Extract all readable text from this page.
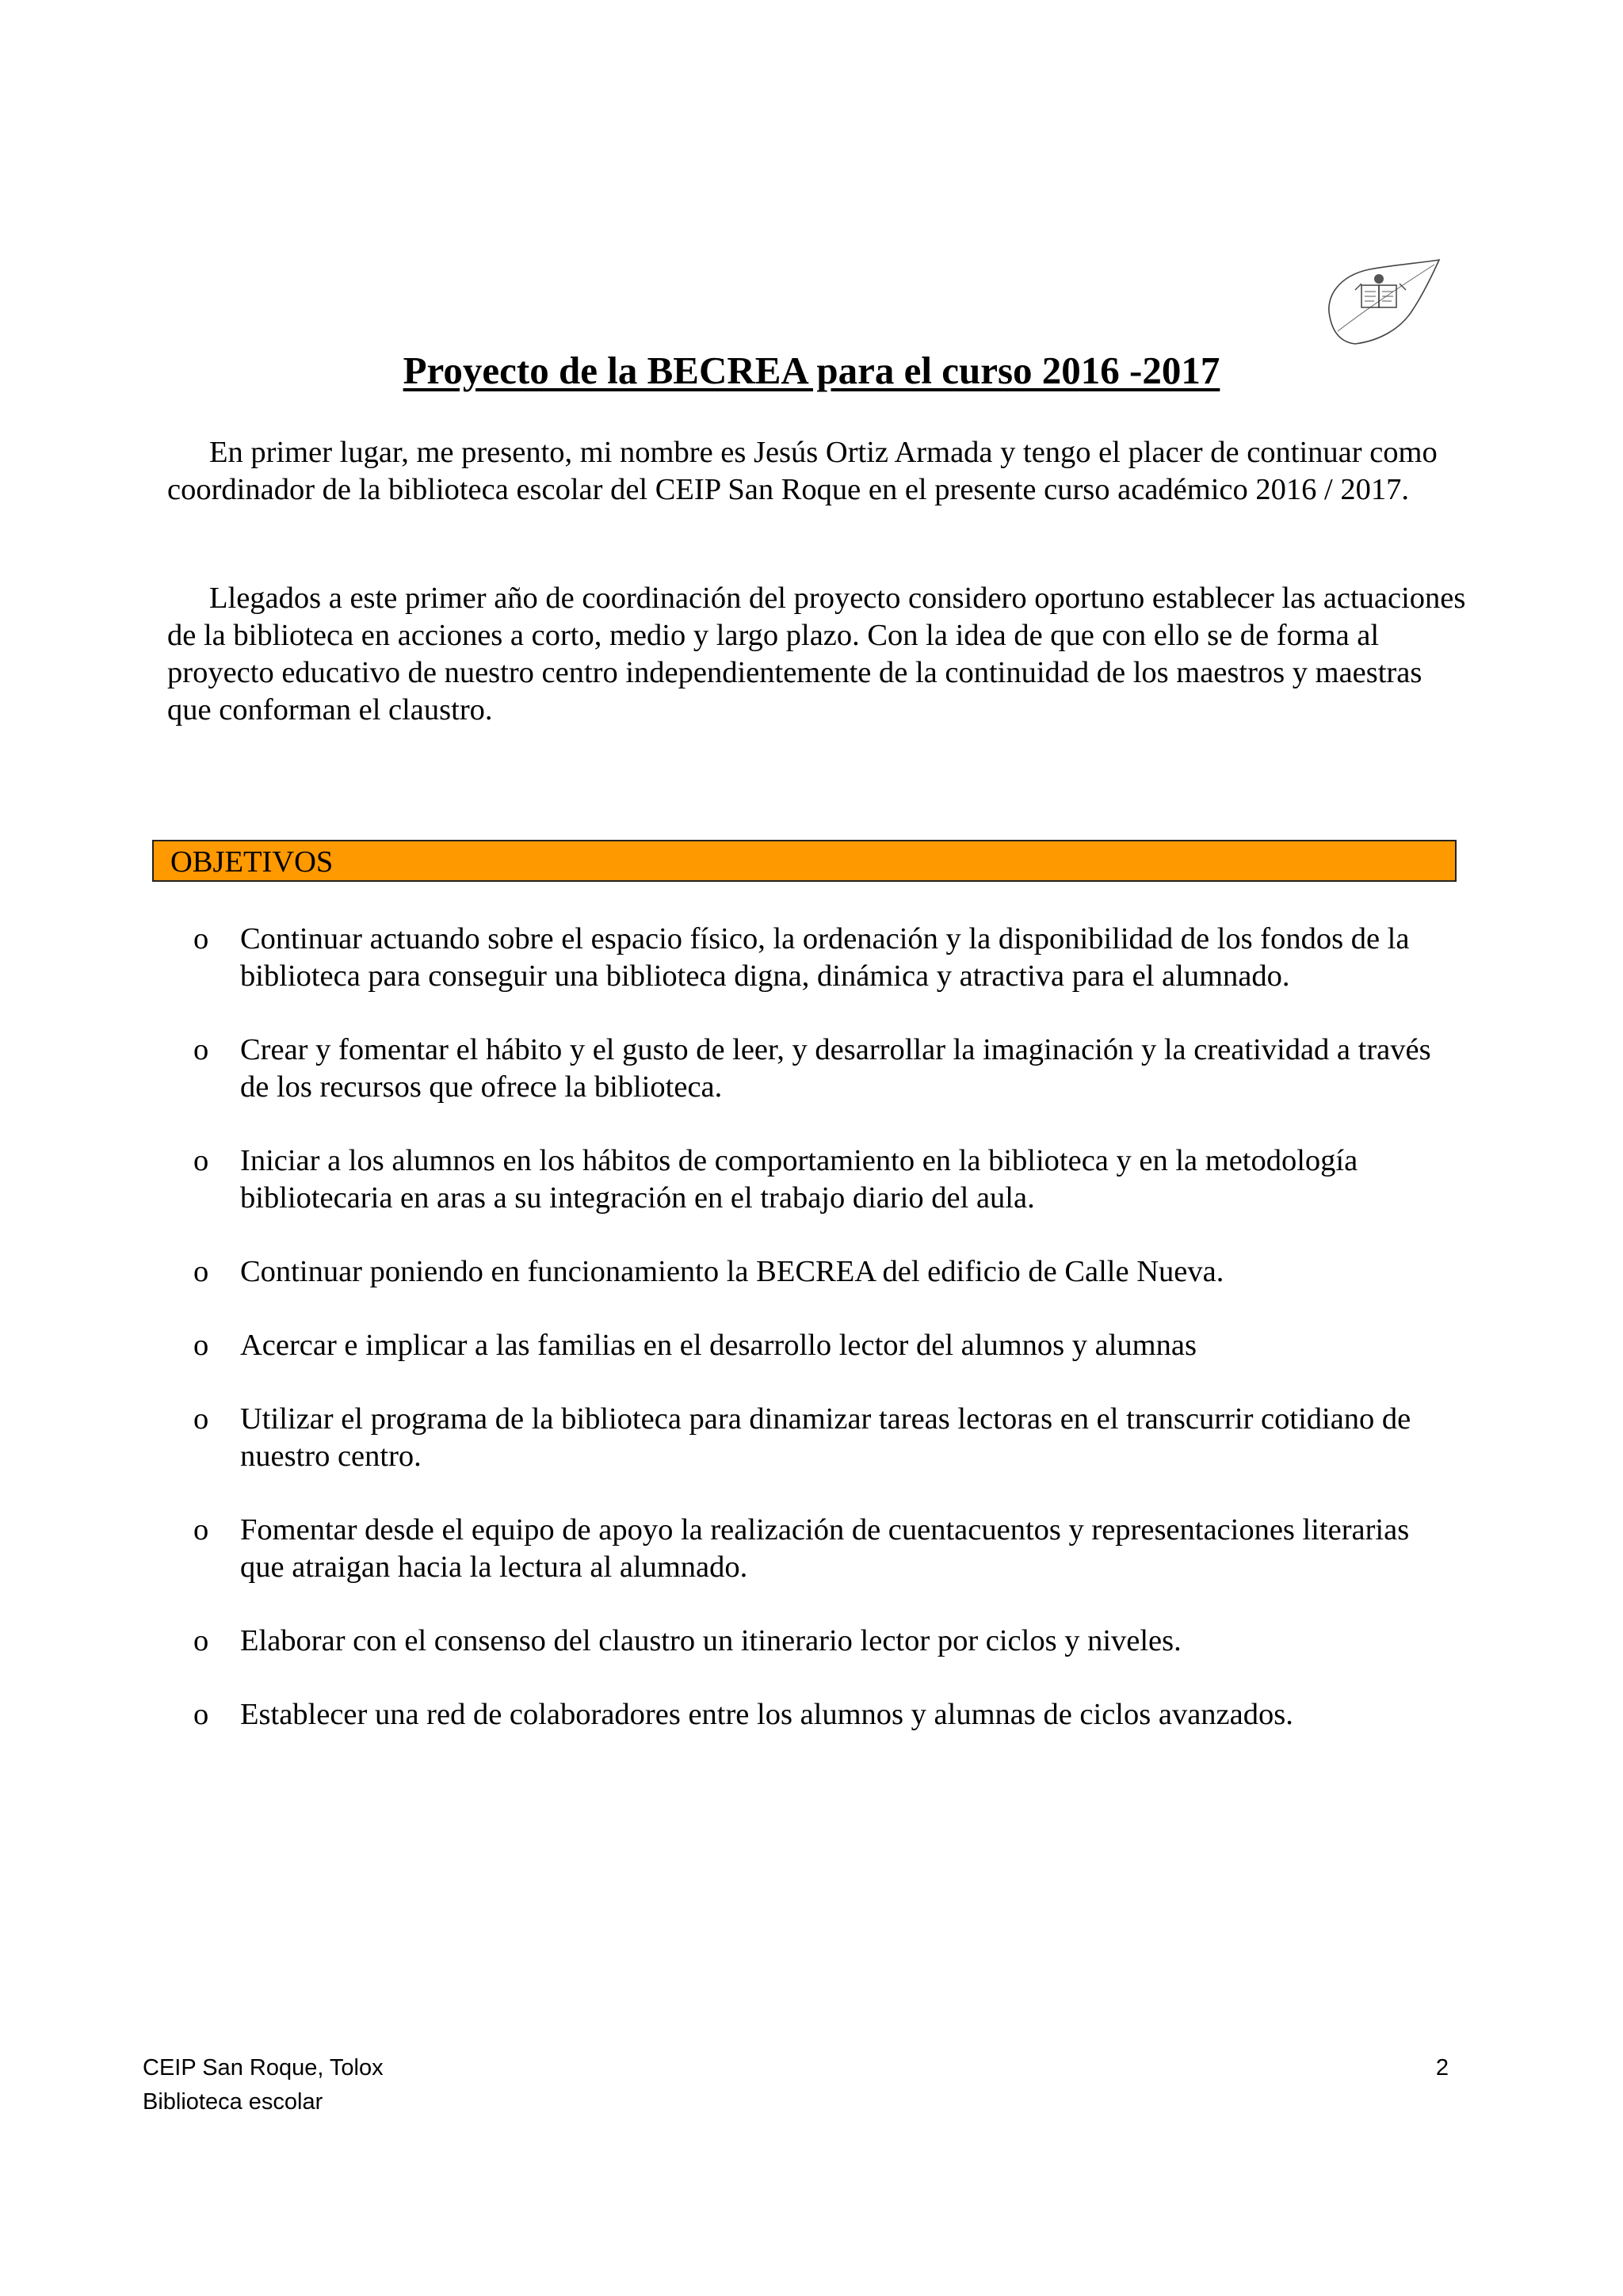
Proyecto de la BECREA para el curso 2016 -2017

En primer lugar, me presento, mi nombre es Jesús Ortiz Armada y tengo el placer de continuar como coordinador de la biblioteca escolar del CEIP San Roque en el presente curso académico 2016 / 2017.

Llegados a este primer año de coordinación del proyecto considero oportuno establecer las actuaciones de la biblioteca en acciones a corto, medio y largo plazo. Con la idea de que con ello se de forma al proyecto educativo de nuestro centro independientemente de la continuidad de los maestros y maestras que conforman el claustro.

OBJETIVOS
o Continuar actuando sobre el espacio físico, la ordenación y la disponibilidad de los fondos de la biblioteca para conseguir una biblioteca digna, dinámica y atractiva para el alumnado.
o Crear y fomentar el hábito y el gusto de leer, y desarrollar la imaginación y la creatividad a través de los recursos que ofrece la biblioteca.
o Iniciar a los alumnos en los hábitos de comportamiento en la biblioteca y en la metodología bibliotecaria en aras a su integración en el trabajo diario del aula.
o Continuar poniendo en funcionamiento la BECREA del edificio de Calle Nueva.
o Acercar e implicar a las familias en el desarrollo lector del alumnos y alumnas
o Utilizar el programa de la biblioteca para dinamizar tareas lectoras en el transcurrir cotidiano de nuestro centro.
o Fomentar desde el equipo de apoyo la realización de cuentacuentos y representaciones literarias que atraigan hacia la lectura al alumnado.
o Elaborar con el consenso del claustro un itinerario lector por ciclos y niveles.
o Establecer una red de colaboradores entre los alumnos y alumnas de ciclos avanzados.
CEIP San Roque, Tolox
Biblioteca escolar
2
